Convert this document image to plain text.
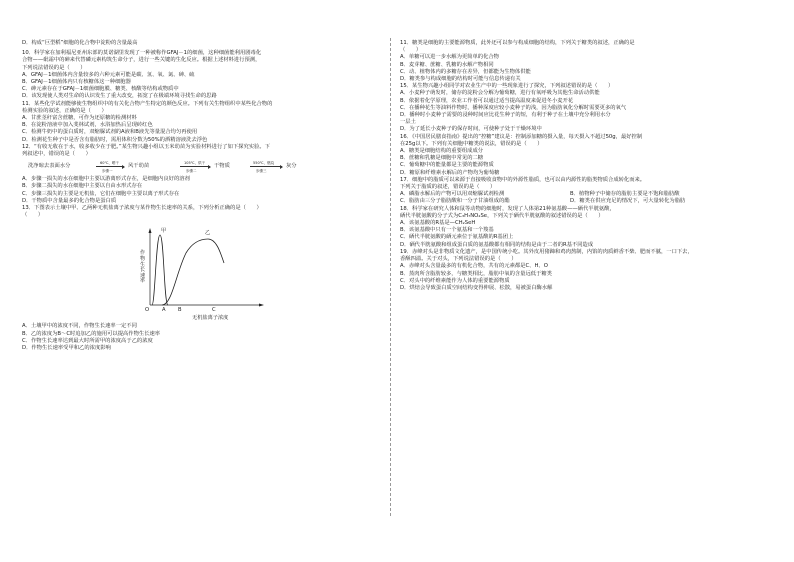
D．构成“巨型稻”细胞的化合物中淀粉的含量最高
10．科学家在加利福尼亚州东部的莫诺湖里发现了一种被称作GFAJ－1的细菌，这种细菌能利用剧毒化
合物——砒霜中的砷来代替磷元素构筑生命分子，进行一些关键的生化反应。根据上述材料进行预测，
下列说法错误的是（　　）
A．GFAJ－1细菌体内含量较多的六种元素可能是碳、氢、氧、氮、砷、硫
B．GFAJ－1细菌体内只有核糖体这一种细胞器
C．砷元素存在于GFAJ－1细菌细胞膜、糖类、核酸等结构或物质中
D．该发现使人类对生命的认识发生了重大改变，拓宽了在极端环境寻找生命的思路
11．某些化学试剂能够使生物组织中的有关化合物产生特定的颜色反应。下列有关生物组织中某些化合物的
检测实验的叙述，正确的是（　　）
A．甘蔗茎秆富含蔗糖，可作为还原糖的检测材料
B．在淀粉溶液中加入斐林试剂，水浴加热后呈现砖红色
C．检测牛奶中的蛋白质时，双缩脲试剂的A液和B液先等量混合均匀再使用
D．检测花生种子中是否含有脂肪时，需用体积分数为50%的酒精溶液洗去浮色
12．“有收无收在于水，收多收少在于肥。”某生物兴趣小组以玉米幼苗为实验材料进行了如下探究实验。下
列叙述中，错误的是（　　）
洗净晾去表面水分	60℃、晒干
步骤一
风干幼苗	105℃、烘干
步骤二
干物质	550℃、燃烧
步骤三
灰分
A．步骤一损失的水在细胞中主要以游离形式存在，是细胞内良好的溶剂
B．步骤二损失的水在细胞中主要以自由水形式存在
C．步骤三损失的主要是无机盐，它们在细胞中主要以离子形式存在
D．干物质中含量最多的化合物是蛋白质
13．下图表示土壤中甲、乙两种无机盐离子浓度与某作物生长速率的关系，下列分析正确的是（　　）
（　　）
甲	乙
O A B	C
无机盐离子浓度
作物生长速率
A．土壤甲中的浓度不同，作物生长速率一定不同
B．乙的浓度为B～C时追加乙的施用可以提高作物生长速率
C．作物生长速率达到最大时所需甲的浓度高于乙的浓度
D．作物生长速率受甲和乙的浓度影响
11．糖类是细胞的主要能源物质，此外还可以参与构成细胞的结构，下列关于糖类的叙述，正确的是
（　　）
A．单糖可以进一步水解为更简单的化合物
B．麦芽糖、蔗糖、乳糖的水解产物相同
C．动、植物体内的多糖存在差异，但都能为生物体供能
D．糖类参与构成细胞的结构时可能与信息传递有关
15．某生物兴趣小组同学对农业生产中的一些现象进行了探究，下列叙述错误的是（　　）
A．小麦种子萌发时，储存的淀粉会分解为葡萄糖，进行有氧呼吸为其他生命活动供能
B．依据着化学原理，农业工作者可以通过适当提高温度来促进冬小麦开花
C．在播种花生等油料作物时，播种深度应较小麦种子的浅，因为脂肪氧化分解时需要更多的氧气
D．播种时小麦种子需要的浸种时间应比花生种子的短，有利于种子在土壤中充分利用水分
一层土
D．为了延长小麦种子的保存时间，可使种子处于干燥环境中
16．《中国居民膳食指南》提出的“控糖”建议是：控制添加糖的摄入量，每天摄入不超过50g，最好控制
在25g以下。下列有关细胞中糖类的说法，错误的是（　　）
A．糖类是细胞结构的重要组成成分
B．蔗糖和乳糖是细胞中常见的二糖
C．葡萄糖中的能量都是主要的能源物质
D．糖原和纤维素水解后的产物均为葡萄糖
17．细胞中的脂质可以来源于直接吸收食物中的外源性脂质，也可以由内源性的脂类物质合成转化而来。
下列关于脂质的叙述，错误的是（　　）
A．磷脂水解后的产物可以用双缩脲试剂检测	B．植物种子中储存的脂肪主要是不饱和脂肪酸
C．脂肪由三分子脂肪酸和一分子甘油组成的酯	D．糖类在供应充足的情况下，可大量转化为脂肪
18．科学家在研究人体和鼠等动物的细胞时，发现了人体第21种氨基酸——硒代半胱氨酸，
硒代半胱氨酸的分子式为C₃H₇NO₂Se，下列关于硒代半胱氨酸的叙述错误的是（　　）
A．该氨基酸的R基是—CH₂SeH
B．该氨基酸中只有一个氨基和一个羧基
C．硒代半胱氨酸的硒元素位于氨基酸的R基团上
D．硒代半胱氨酸和组成蛋白质的氨基酸都有相同的结构是由于二者的R基不同造成
19．赤峰对头是非物质文化遗产，是中国传统小吃。其外皮用猪蹄和鸡肉熬制，内馅的肉质鲜香不柴、肥而不腻，一口下去，
香酥四溢。关于对头，下列说法错误的是（　　）
A．赤峰对头含量最多的有机化合物，共有的元素都是C、H、O
B．蒸肉所含脂肪较多，与糖类相比，脂肪中氧的含量远低于糖类
C．对头中的纤维素能作为人体的重要能源物质
D．烘焙会导致蛋白质空间结构变得伸展、松散，易被蛋白酶水解
